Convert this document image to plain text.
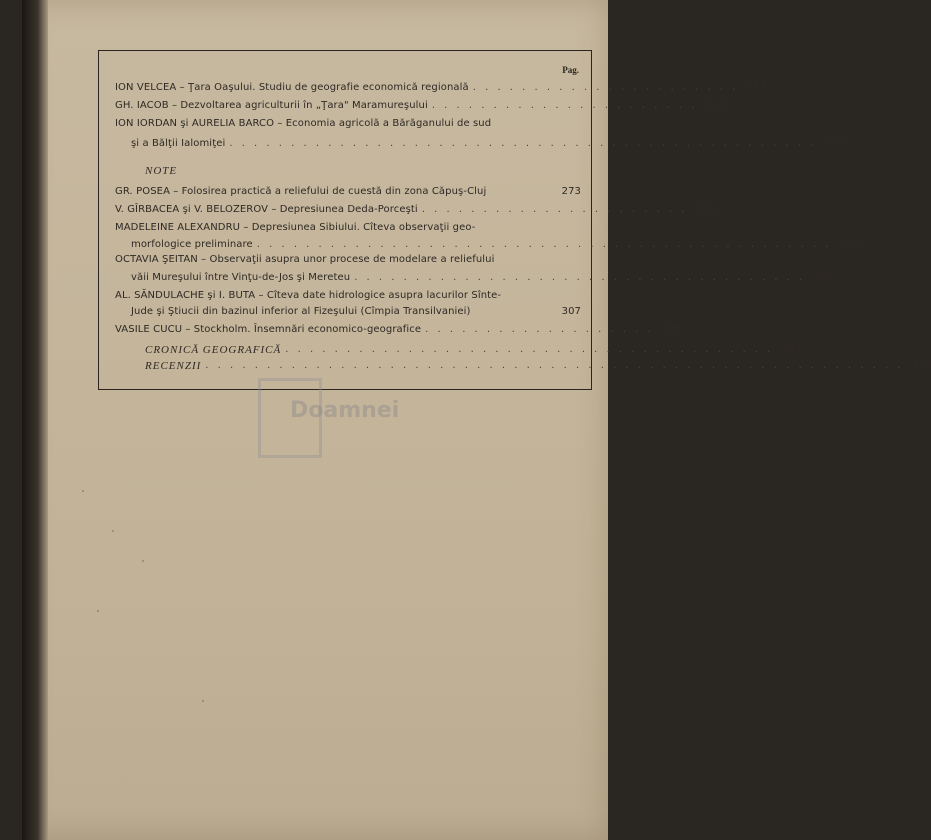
Pag.
ION VELCEA – Ţara Oaşului. Studiu de geografie economică regională . . . . . . . . . . . . . . . . . . . . . . 217
GH. IACOB – Dezvoltarea agriculturii în „Ţara" Maramureşului . . . . . . . . . . . . . . . . . . . . . . 245
ION IORDAN şi AURELIA BARCO – Economia agricolă a Bărăganului de sud
şi a Bălţii Ialomiţei . . . . . . . . . . . . . . . . . . . . . . . . . . . . . . . . . . . . . . . . . . . . . . . . 257
NOTE
GR. POSEA – Folosirea practică a reliefului de cuestă din zona Căpuş-Cluj	273
V. GÎRBACEA şi V. BELOZEROV – Depresiunea Deda-Porceşti . . . . . . . . . . . . . . . . . . . . . . 281
MADELEINE ALEXANDRU – Depresiunea Sibiului. Cîteva observaţii geo-
morfologice preliminare . . . . . . . . . . . . . . . . . . . . . . . . . . . . . . . . . . . . . . . . . . . . . . . 289
OCTAVIA ŞEITAN – Observaţii asupra unor procese de modelare a reliefului
văii Mureşului între Vinţu-de-Jos şi Mereteu . . . . . . . . . . . . . . . . . . . . . . . . . . . . . . . . . . . . . 297
AL. SĂNDULACHE şi I. BUTA – Cîteva date hidrologice asupra lacurilor Sînte-
Jude şi Ştiucii din bazinul inferior al Fizeşului (Cîmpia Transilvaniei)	307
VASILE CUCU – Stockholm. Însemnări economico-geografice . . . . . . . . . . . . . . . . . . . 315
CRONICĂ GEOGRAFICĂ . . . . . . . . . . . . . . . . . . . . . . . . . . . . . . . . . . . . . . . . 327
RECENZII . . . . . . . . . . . . . . . . . . . . . . . . . . . . . . . . . . . . . . . . . . . . . . . . . . . . . . . . . 343
Doamnei
